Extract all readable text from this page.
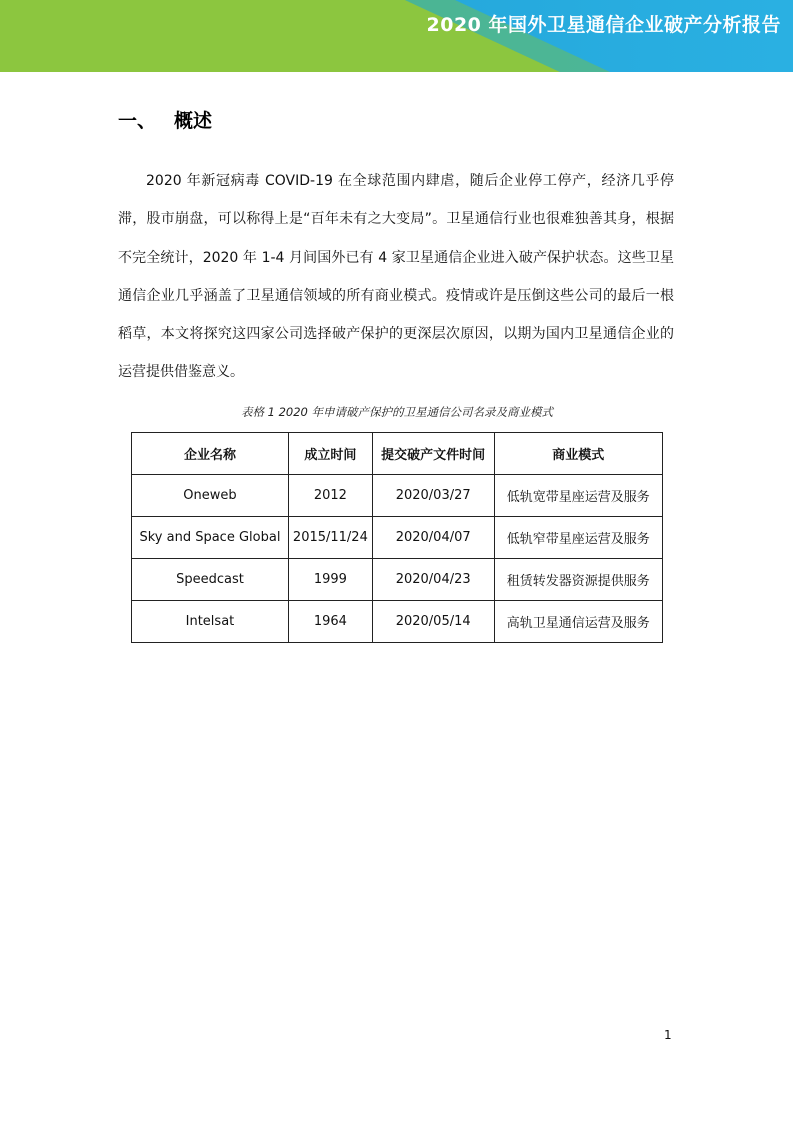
2020 年国外卫星通信企业破产分析报告
一、 概述

2020 年新冠病毒 COVID-19 在全球范围内肆虐，随后企业停工停产，经济几乎停滞，股市崩盘，可以称得上是“百年未有之大变局”。卫星通信行业也很难独善其身，根据不完全统计，2020 年 1-4 月间国外已有 4 家卫星通信企业进入破产保护状态。这些卫星通信企业几乎涵盖了卫星通信领域的所有商业模式。疫情或许是压倒这些公司的最后一根稻草，本文将探究这四家公司选择破产保护的更深层次原因，以期为国内卫星通信企业的运营提供借鉴意义。

表格 1 2020 年申请破产保护的卫星通信公司名录及商业模式
企业名称	成立时间	提交破产文件时间	商业模式
Oneweb	2012	2020/03/27	低轨宽带星座运营及服务
Sky and Space Global	2015/11/24	2020/04/07	低轨窄带星座运营及服务
Speedcast	1999	2020/04/23	租赁转发器资源提供服务
Intelsat	1964	2020/05/14	高轨卫星通信运营及服务
1
